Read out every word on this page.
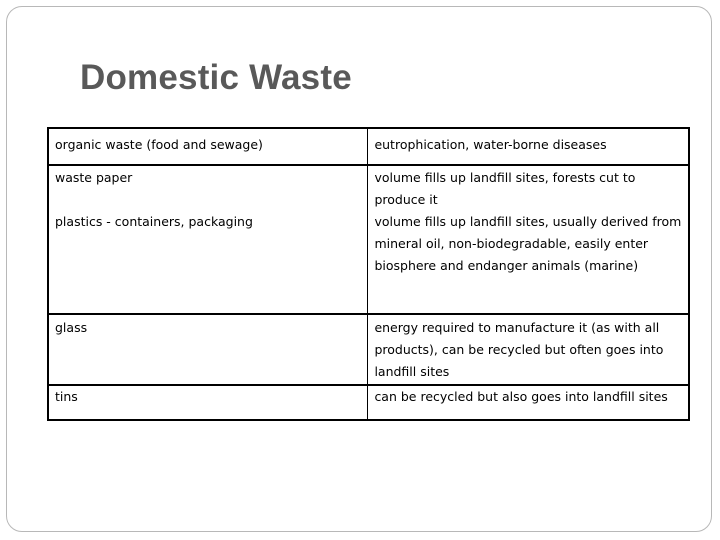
Domestic Waste
organic waste (food and sewage)	eutrophication, water-borne diseases
waste paper	volume fills up landfill sites, forests cut to produce it
plastics - containers, packaging	volume fills up landfill sites, usually derived from mineral oil, non-biodegradable, easily enter biosphere and endanger animals (marine)
glass	energy required to manufacture it (as with all products), can be recycled but often goes into landfill sites
tins	can be recycled but also goes into landfill sites
